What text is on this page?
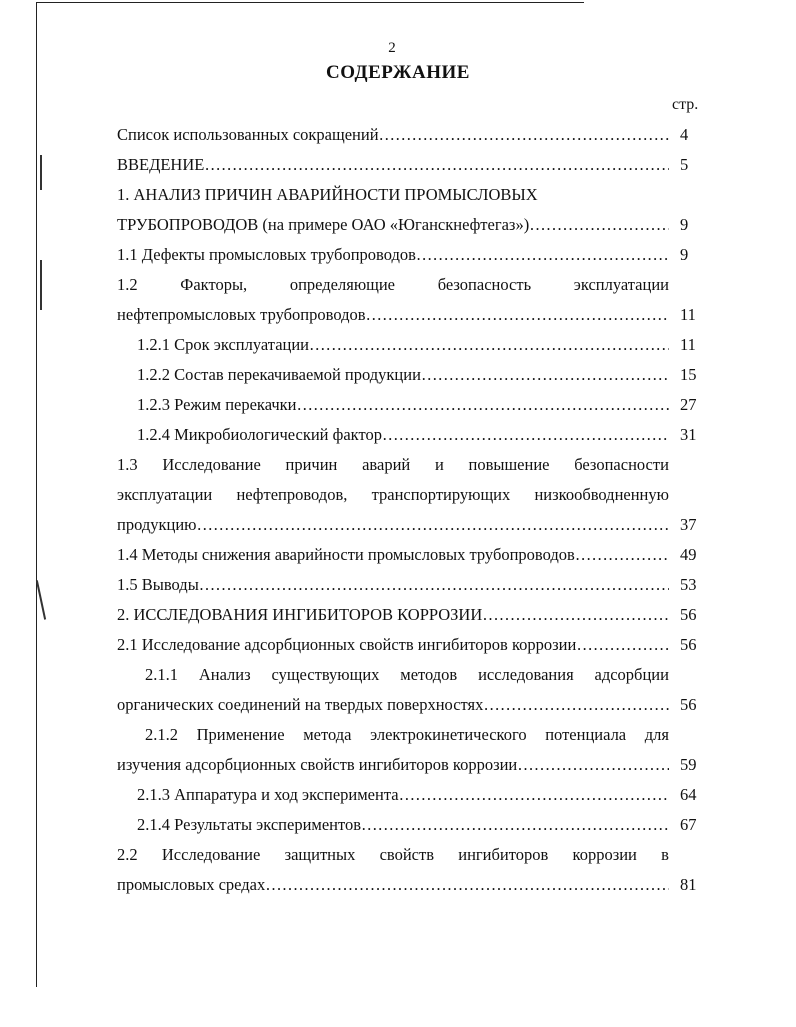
2
СОДЕРЖАНИЕ
стр.
Список использованных сокращений …………………………………………………………………………………………………………………………………………………………	4
ВВЕДЕНИЕ …………………………………………………………………………………………………………………………………………………………	5
1. АНАЛИЗ ПРИЧИН АВАРИЙНОСТИ ПРОМЫСЛОВЫХ
ТРУБОПРОВОДОВ (на примере ОАО «Юганскнефтегаз») …………………………………………………………………………………………………………………………………………………………	9
1.1 Дефекты промысловых трубопроводов …………………………………………………………………………………………………………………………………………………………	9
1.2	Факторы,	определяющие	безопасность	эксплуатации
нефтепромысловых трубопроводов …………………………………………………………………………………………………………………………………………………………	11
1.2.1 Срок эксплуатации …………………………………………………………………………………………………………………………………………………………	11
1.2.2 Состав перекачиваемой продукции …………………………………………………………………………………………………………………………………………………………	15
1.2.3 Режим перекачки …………………………………………………………………………………………………………………………………………………………	27
1.2.4 Микробиологический фактор …………………………………………………………………………………………………………………………………………………………	31
1.3 Исследование причин аварий и повышение безопасности
эксплуатации нефтепроводов, транспортирующих низкообводненную
продукцию …………………………………………………………………………………………………………………………………………………………	37
1.4 Методы снижения аварийности промысловых трубопроводов …………………………………………………………………………………………………………………………………………………………	49
1.5 Выводы …………………………………………………………………………………………………………………………………………………………	53
2. ИССЛЕДОВАНИЯ ИНГИБИТОРОВ КОРРОЗИИ …………………………………………………………………………………………………………………………………………………………	56
2.1 Исследование адсорбционных свойств ингибиторов коррозии …………………………………………………………………………………………………………………………………………………………	56
2.1.1 Анализ существующих методов исследования адсорбции
органических соединений на твердых поверхностях …………………………………………………………………………………………………………………………………………………………	56
2.1.2 Применение метода электрокинетического потенциала для
изучения адсорбционных свойств ингибиторов коррозии …………………………………………………………………………………………………………………………………………………………	59
2.1.3 Аппаратура и ход эксперимента …………………………………………………………………………………………………………………………………………………………	64
2.1.4 Результаты экспериментов …………………………………………………………………………………………………………………………………………………………	67
2.2 Исследование защитных свойств ингибиторов коррозии в
промысловых средах …………………………………………………………………………………………………………………………………………………………	81
